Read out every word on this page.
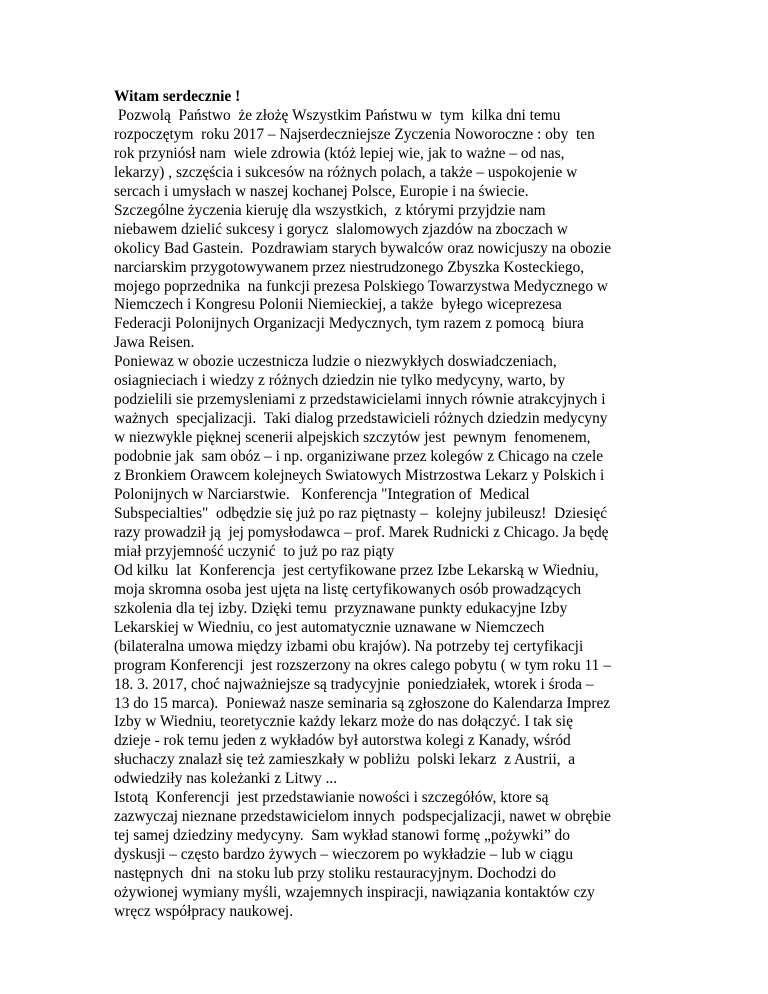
Witam serdecznie !

Pozwolą  Państwo  że złożę Wszystkim Państwu w  tym  kilka dni temu
rozpoczętym  roku 2017 – Najserdeczniejsze Zyczenia Noworoczne : oby  ten
rok przyniósł nam  wiele zdrowia (któż lepiej wie, jak to ważne – od nas,
lekarzy) , szczęścia i sukcesów na różnych polach, a także – uspokojenie w
sercach i umysłach w naszej kochanej Polsce, Europie i na świecie.
Szczególne życzenia kieruję dla wszystkich,  z którymi przyjdzie nam
niebawem dzielić sukcesy i gorycz  slalomowych zjazdów na zboczach w
okolicy Bad Gastein.  Pozdrawiam starych bywalców oraz nowicjuszy na obozie
narciarskim przygotowywanem przez niestrudzonego Zbyszka Kosteckiego,
mojego poprzednika  na funkcji prezesa Polskiego Towarzystwa Medycznego w
Niemczech i Kongresu Polonii Niemieckiej, a także  byłego wiceprezesa
Federacji Polonijnych Organizacji Medycznych, tym razem z pomocą  biura
Jawa Reisen.

Poniewaz w obozie uczestnicza ludzie o niezwykłych doswiadczeniach,
osiagnieciach i wiedzy z różnych dziedzin nie tylko medycyny, warto, by
podzielili sie przemysleniami z przedstawicielami innych równie atrakcyjnych i
ważnych  specjalizacji.  Taki dialog przedstawicieli różnych dziedzin medycyny
w niezwykle pięknej scenerii alpejskich szczytów jest  pewnym  fenomenem,
podobnie jak  sam obóz – i np. organiziwane przez kolegów z Chicago na czele
z Bronkiem Orawcem kolejneych Swiatowych Mistrzostwa Lekarz y Polskich i
Polonijnych w Narciarstwie.   Konferencja "Integration of  Medical
Subspecialties"  odbędzie się już po raz piętnasty –  kolejny jubileusz!  Dziesięć
razy prowadził ją  jej pomysłodawca – prof. Marek Rudnicki z Chicago. Ja będę
miał przyjemność uczynić  to już po raz piąty

Od kilku  lat  Konferencja  jest certyfikowane przez Izbe Lekarską w Wiedniu,
moja skromna osoba jest ujęta na listę certyfikowanych osób prowadzących
szkolenia dla tej izby. Dzięki temu  przyznawane punkty edukacyjne Izby
Lekarskiej w Wiedniu, co jest automatycznie uznawane w Niemczech
(bilateralna umowa między izbami obu krajów). Na potrzeby tej certyfikacji
program Konferencji  jest rozszerzony na okres calego pobytu ( w tym roku 11 –
18. 3. 2017, choć najważniejsze są tradycyjnie  poniedziałek, wtorek i środa –
13 do 15 marca).  Ponieważ nasze seminaria są zgłoszone do Kalendarza Imprez
Izby w Wiedniu, teoretycznie każdy lekarz może do nas dołączyć. I tak się
dzieje - rok temu jeden z wykładów był autorstwa kolegi z Kanady, wśród
słuchaczy znalazł się też zamieszkały w pobliżu  polski lekarz  z Austrii,  a
odwiedziły nas koleżanki z Litwy ...

Istotą  Konferencji  jest przedstawianie nowości i szczegółów, ktore są
zazwyczaj nieznane przedstawicielom innych  podspecjalizacji, nawet w obrębie
tej samej dziedziny medycyny.  Sam wykład stanowi formę „pożywki” do
dyskusji – często bardzo żywych – wieczorem po wykładzie – lub w ciągu
następnych  dni  na stoku lub przy stoliku restauracyjnym. Dochodzi do
ożywionej wymiany myśli, wzajemnych inspiracji, nawiązania kontaktów czy
wręcz współpracy naukowej.
